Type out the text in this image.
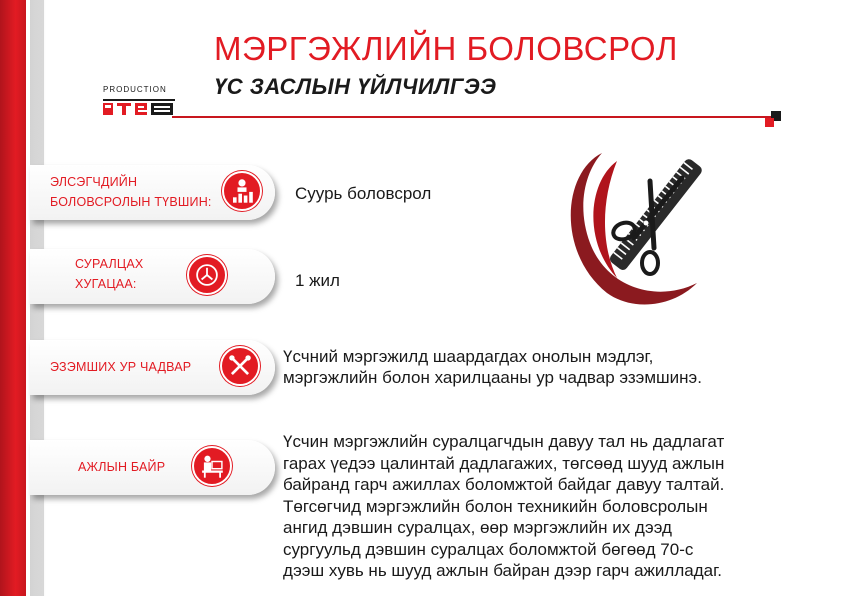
МЭРГЭЖЛИЙН БОЛОВСРОЛ
ҮС ЗАСЛЫН ҮЙЛЧИЛГЭЭ
PRODUCTION
ЭЛСЭГЧДИЙН
БОЛОВСРОЛЫН ТҮВШИН:	Суурь боловсрол
СУРАЛЦАХ
ХУГАЦАА:	1 жил
ЭЗЭМШИХ УР ЧАДВАР
Үсчний мэргэжилд шаардагдах онолын мэдлэг,
мэргэжлийн болон харилцааны ур чадвар эзэмшинэ.
АЖЛЫН БАЙР
Үсчин мэргэжлийн суралцагчдын давуу тал нь дадлагат
гарах үедээ цалинтай дадлагажих, төгсөөд шууд ажлын
байранд гарч ажиллах боломжтой байдаг давуу талтай.
Төгсөгчид мэргэжлийн болон техникийн боловсролын
ангид дэвшин суралцах, өөр мэргэжлийн их дээд
сургуульд дэвшин суралцах боломжтой бөгөөд 70-с
дээш хувь нь шууд ажлын байран дээр гарч ажилладаг.
